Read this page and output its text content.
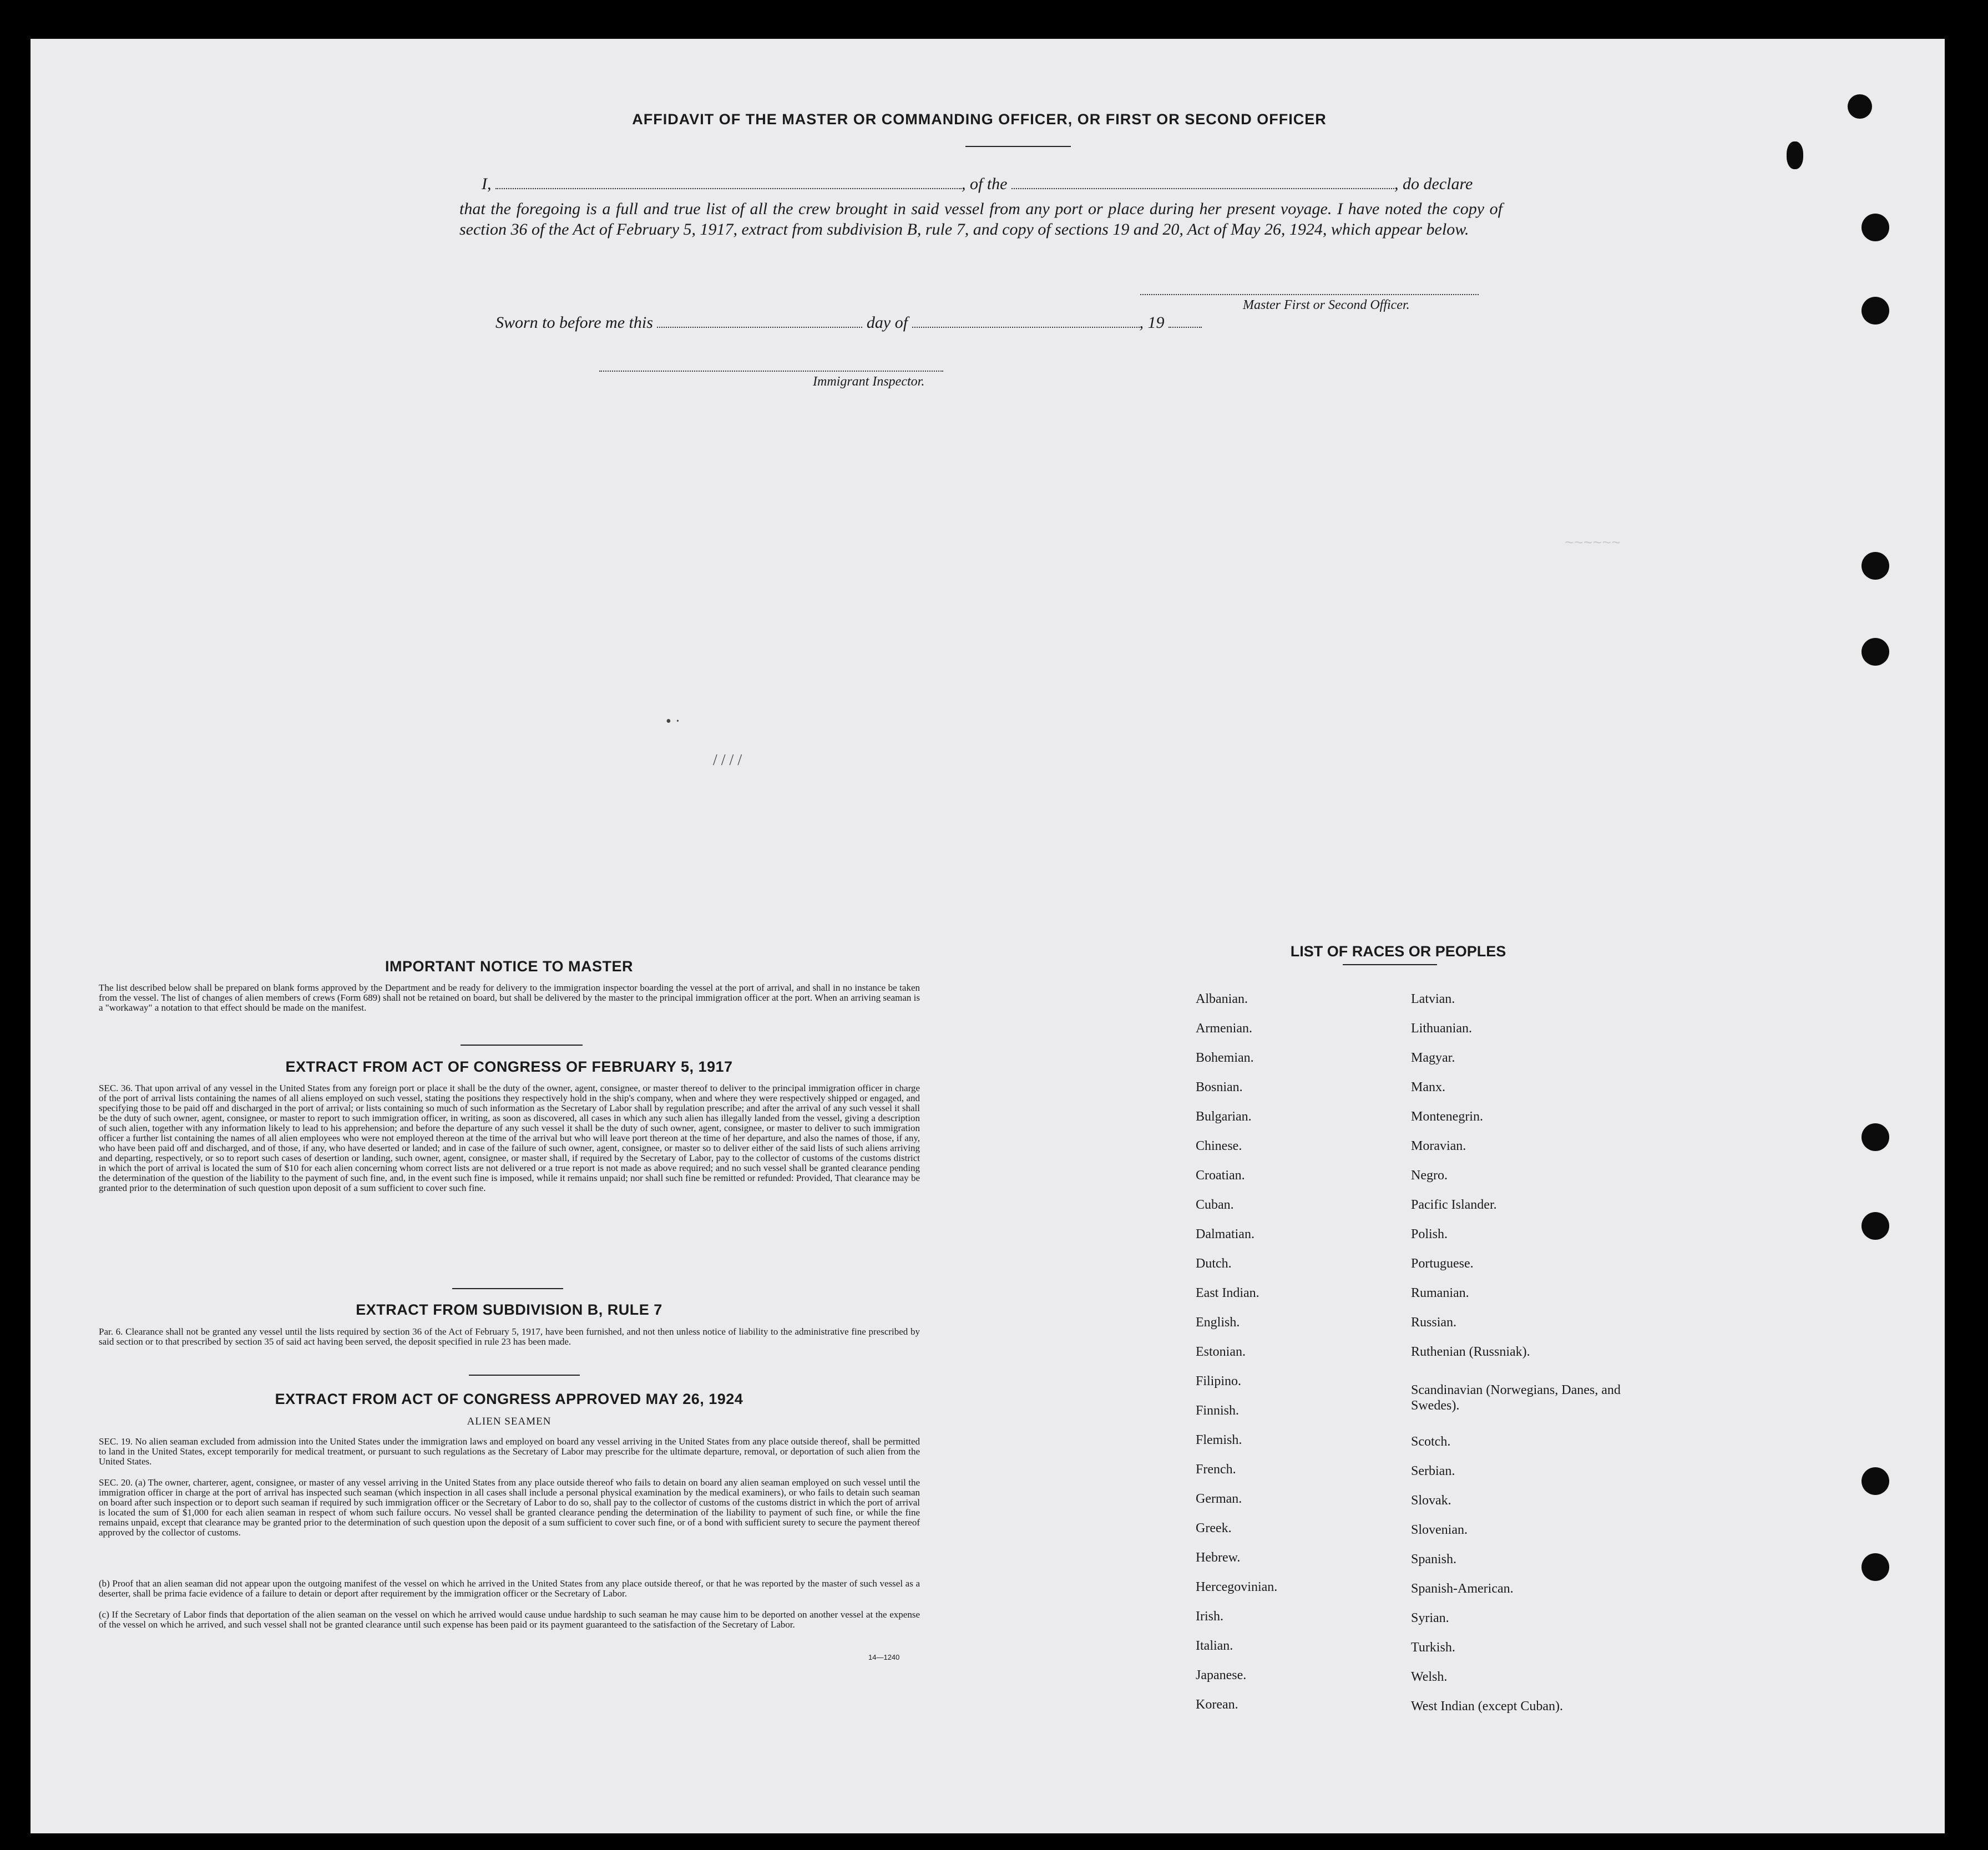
AFFIDAVIT OF THE MASTER OR COMMANDING OFFICER, OR FIRST OR SECOND OFFICER
I,	, of the	, do declare
that the foregoing is a full and true list of all the crew brought in said vessel from any port or place during her present voyage. I have noted the copy of section 36 of the Act of February 5, 1917, extract from subdivision B, rule 7, and copy of sections 19 and 20, Act of May 26, 1924, which appear below.
Master First or Second Officer.
Sworn to before me this	day of	, 19
Immigrant Inspector.
~~~~~~
• ·
/ / / /
IMPORTANT NOTICE TO MASTER
The list described below shall be prepared on blank forms approved by the Department and be ready for delivery to the immigration inspector boarding the vessel at the port of arrival, and shall in no instance be taken from the vessel. The list of changes of alien members of crews (Form 689) shall not be retained on board, but shall be delivered by the master to the principal immigration officer at the port. When an arriving seaman is a "workaway" a notation to that effect should be made on the manifest.
EXTRACT FROM ACT OF CONGRESS OF FEBRUARY 5, 1917
SEC. 36. That upon arrival of any vessel in the United States from any foreign port or place it shall be the duty of the owner, agent, consignee, or master thereof to deliver to the principal immigration officer in charge of the port of arrival lists containing the names of all aliens employed on such vessel, stating the positions they respectively hold in the ship's company, when and where they were respectively shipped or engaged, and specifying those to be paid off and discharged in the port of arrival; or lists containing so much of such information as the Secretary of Labor shall by regulation prescribe; and after the arrival of any such vessel it shall be the duty of such owner, agent, consignee, or master to report to such immigration officer, in writing, as soon as discovered, all cases in which any such alien has illegally landed from the vessel, giving a description of such alien, together with any information likely to lead to his apprehension; and before the departure of any such vessel it shall be the duty of such owner, agent, consignee, or master to deliver to such immigration officer a further list containing the names of all alien employees who were not employed thereon at the time of the arrival but who will leave port thereon at the time of her departure, and also the names of those, if any, who have been paid off and discharged, and of those, if any, who have deserted or landed; and in case of the failure of such owner, agent, consignee, or master so to deliver either of the said lists of such aliens arriving and departing, respectively, or so to report such cases of desertion or landing, such owner, agent, consignee, or master shall, if required by the Secretary of Labor, pay to the collector of customs of the customs district in which the port of arrival is located the sum of $10 for each alien concerning whom correct lists are not delivered or a true report is not made as above required; and no such vessel shall be granted clearance pending the determination of the question of the liability to the payment of such fine, and, in the event such fine is imposed, while it remains unpaid; nor shall such fine be remitted or refunded: Provided, That clearance may be granted prior to the determination of such question upon deposit of a sum sufficient to cover such fine.
EXTRACT FROM SUBDIVISION B, RULE 7
Par. 6. Clearance shall not be granted any vessel until the lists required by section 36 of the Act of February 5, 1917, have been furnished, and not then unless notice of liability to the administrative fine prescribed by said section or to that prescribed by section 35 of said act having been served, the deposit specified in rule 23 has been made.
EXTRACT FROM ACT OF CONGRESS APPROVED MAY 26, 1924
ALIEN SEAMEN
SEC. 19. No alien seaman excluded from admission into the United States under the immigration laws and employed on board any vessel arriving in the United States from any place outside thereof, shall be permitted to land in the United States, except temporarily for medical treatment, or pursuant to such regulations as the Secretary of Labor may prescribe for the ultimate departure, removal, or deportation of such alien from the United States.
SEC. 20. (a) The owner, charterer, agent, consignee, or master of any vessel arriving in the United States from any place outside thereof who fails to detain on board any alien seaman employed on such vessel until the immigration officer in charge at the port of arrival has inspected such seaman (which inspection in all cases shall include a personal physical examination by the medical examiners), or who fails to detain such seaman on board after such inspection or to deport such seaman if required by such immigration officer or the Secretary of Labor to do so, shall pay to the collector of customs of the customs district in which the port of arrival is located the sum of $1,000 for each alien seaman in respect of whom such failure occurs. No vessel shall be granted clearance pending the determination of the liability to payment of such fine, or while the fine remains unpaid, except that clearance may be granted prior to the determination of such question upon the deposit of a sum sufficient to cover such fine, or of a bond with sufficient surety to secure the payment thereof approved by the collector of customs.
(b) Proof that an alien seaman did not appear upon the outgoing manifest of the vessel on which he arrived in the United States from any place outside thereof, or that he was reported by the master of such vessel as a deserter, shall be prima facie evidence of a failure to detain or deport after requirement by the immigration officer or the Secretary of Labor.
(c) If the Secretary of Labor finds that deportation of the alien seaman on the vessel on which he arrived would cause undue hardship to such seaman he may cause him to be deported on another vessel at the expense of the vessel on which he arrived, and such vessel shall not be granted clearance until such expense has been paid or its payment guaranteed to the satisfaction of the Secretary of Labor.
14—1240
LIST OF RACES OR PEOPLES
Albanian.
Armenian.
Bohemian.
Bosnian.
Bulgarian.
Chinese.
Croatian.
Cuban.
Dalmatian.
Dutch.
East Indian.
English.
Estonian.
Filipino.
Finnish.
Flemish.
French.
German.
Greek.
Hebrew.
Hercegovinian.
Irish.
Italian.
Japanese.
Korean.
Latvian.
Lithuanian.
Magyar.
Manx.
Montenegrin.
Moravian.
Negro.
Pacific Islander.
Polish.
Portuguese.
Rumanian.
Russian.
Ruthenian (Russniak).
Scandinavian (Norwegians, Danes, and Swedes).
Scotch.
Serbian.
Slovak.
Slovenian.
Spanish.
Spanish-American.
Syrian.
Turkish.
Welsh.
West Indian (except Cuban).
